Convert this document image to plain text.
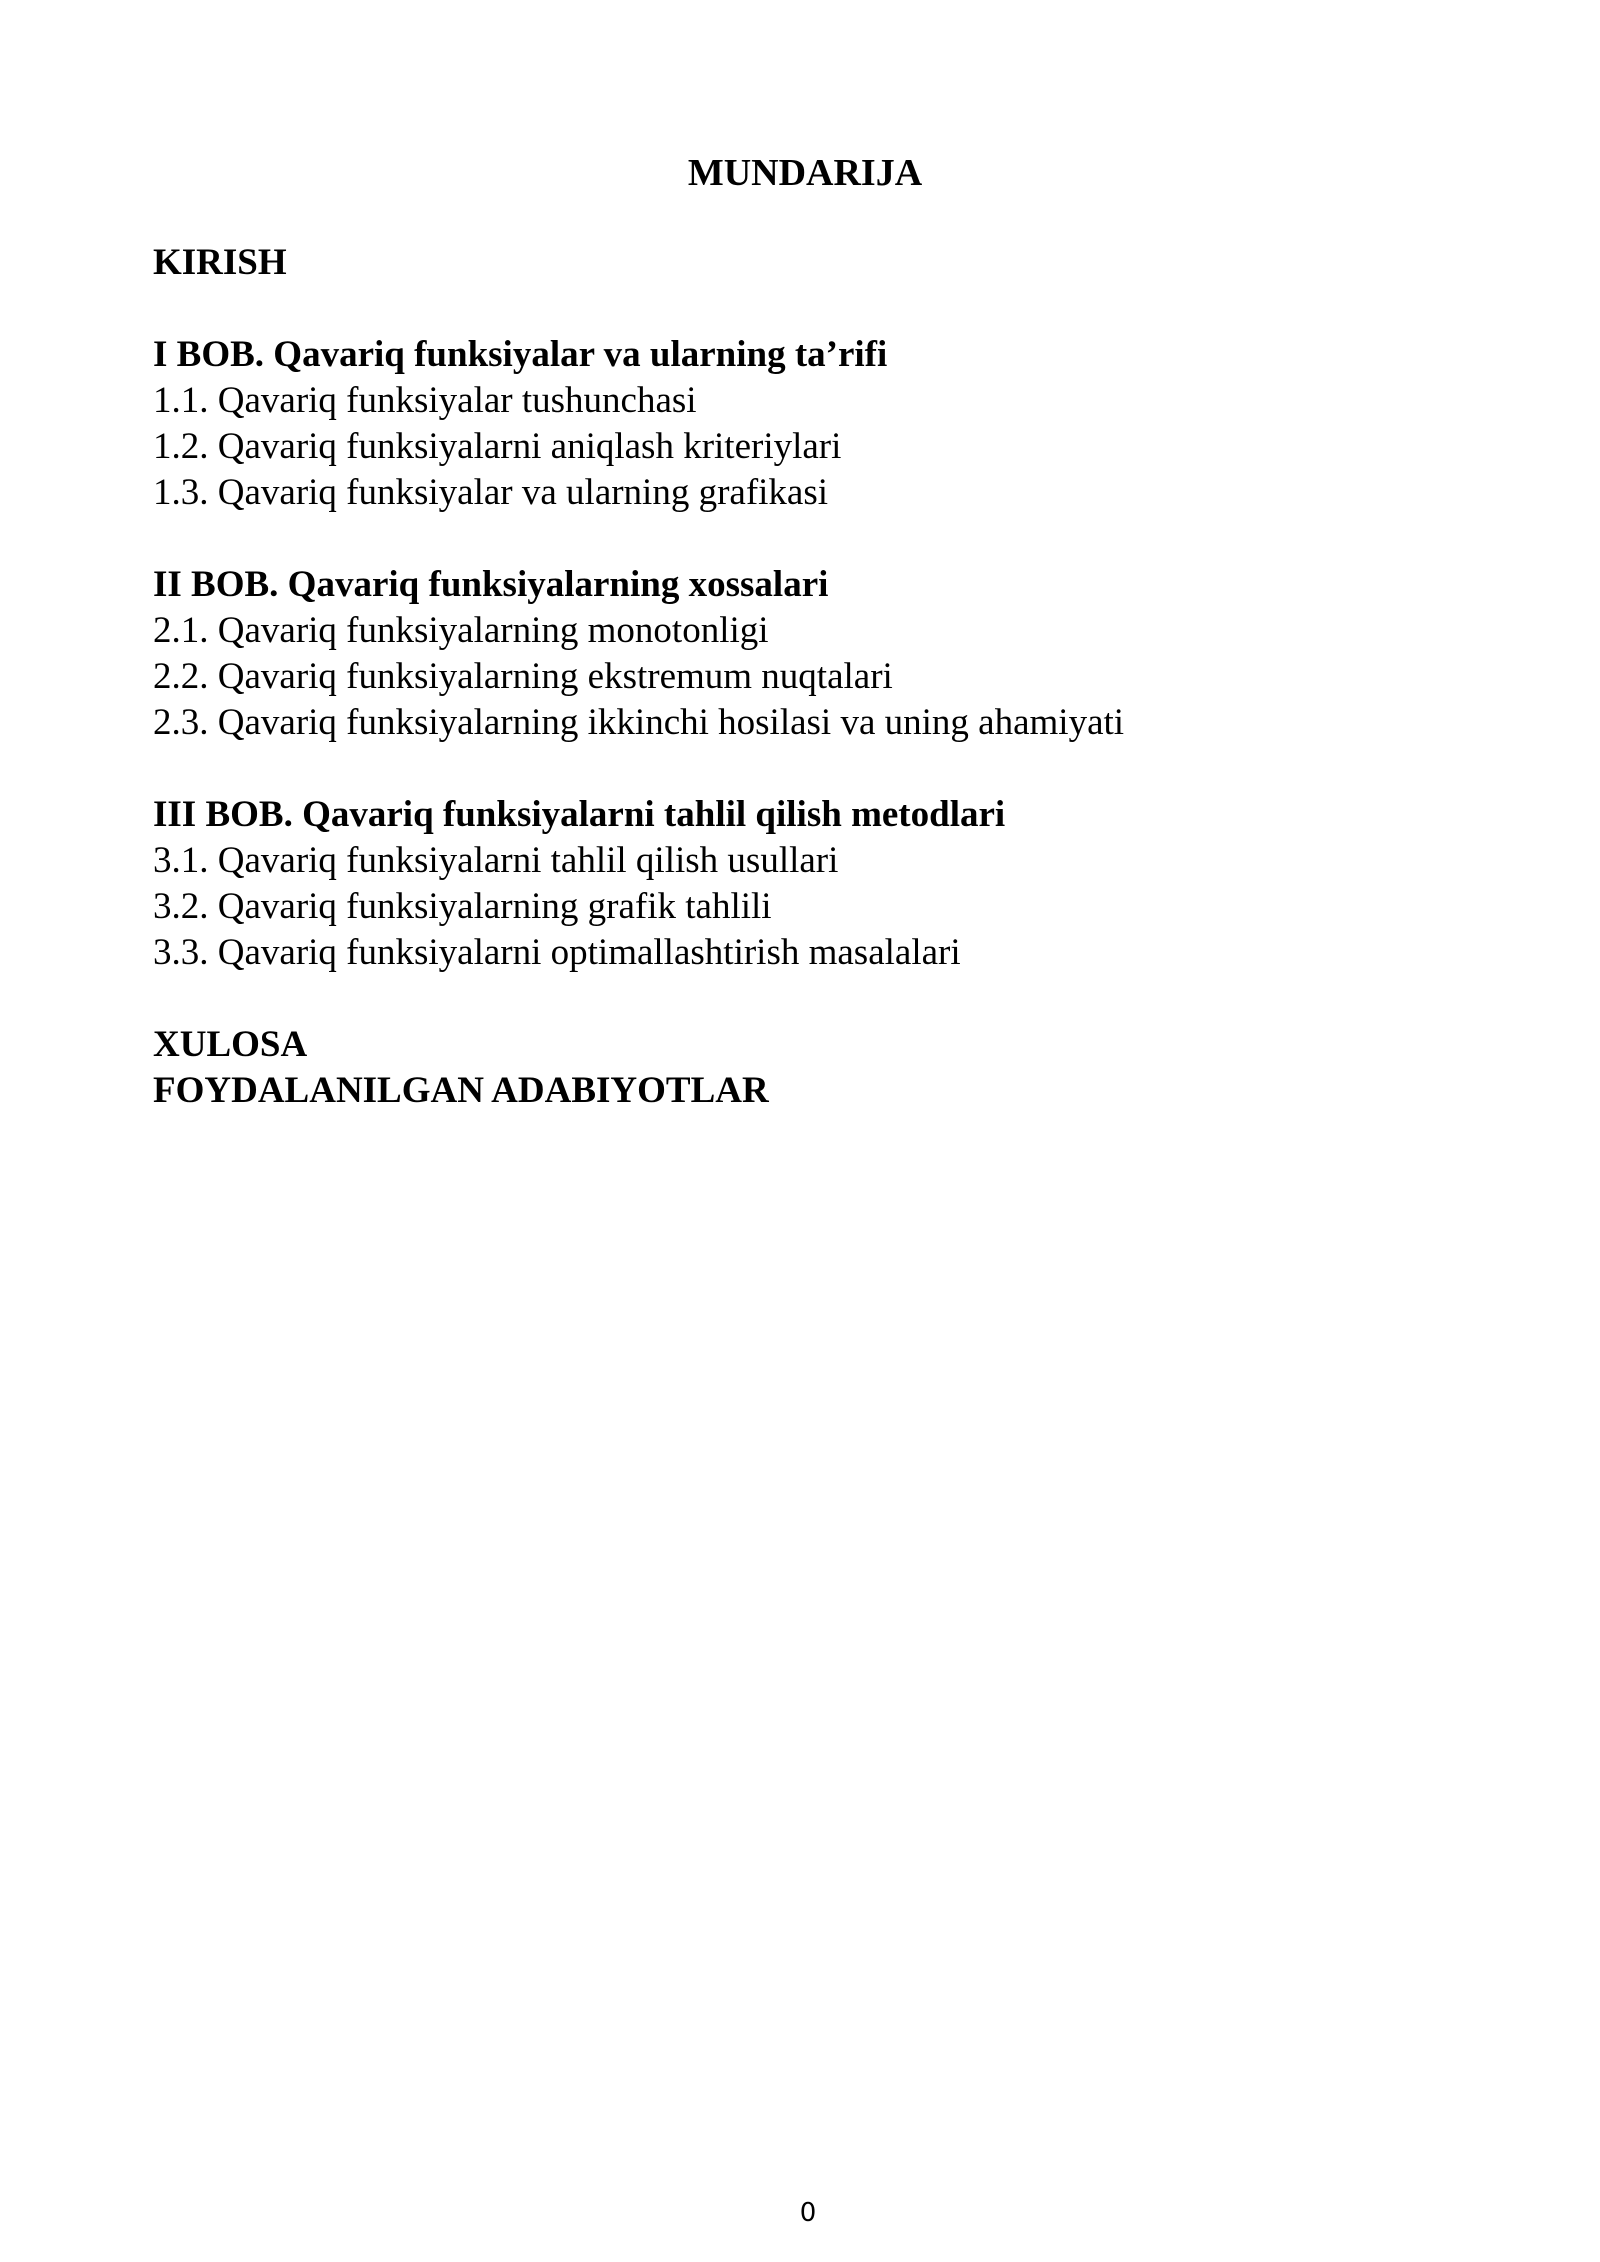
MUNDARIJA
KIRISH
I BOB. Qavariq funksiyalar va ularning ta’rifi
1.1. Qavariq funksiyalar tushunchasi
1.2. Qavariq funksiyalarni aniqlash kriteriylari
1.3. Qavariq funksiyalar va ularning grafikasi
II BOB. Qavariq funksiyalarning xossalari
2.1. Qavariq funksiyalarning monotonligi
2.2. Qavariq funksiyalarning ekstremum nuqtalari
2.3. Qavariq funksiyalarning ikkinchi hosilasi va uning ahamiyati
III BOB. Qavariq funksiyalarni tahlil qilish metodlari
3.1. Qavariq funksiyalarni tahlil qilish usullari
3.2. Qavariq funksiyalarning grafik tahlili
3.3. Qavariq funksiyalarni optimallashtirish masalalari
XULOSA
FOYDALANILGAN ADABIYOTLAR
0
